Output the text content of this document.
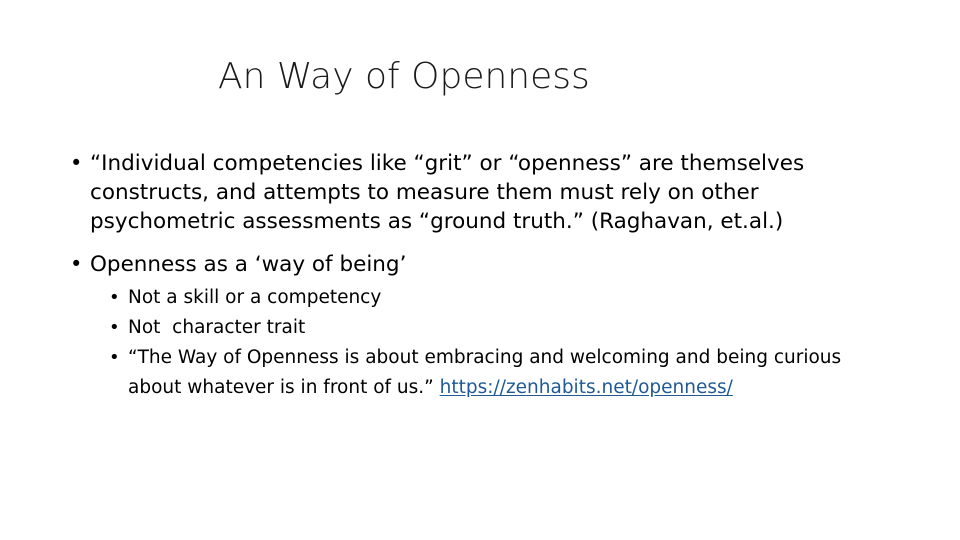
An Way of Openness
• “Individual competencies like “grit” or “openness” are themselves
constructs, and attempts to measure them must rely on other
psychometric assessments as “ground truth.” (Raghavan, et.al.)
• Openness as a ‘way of being’
• Not a skill or a competency
• Not  character trait
• “The Way of Openness is about embracing and welcoming and being curious
about whatever is in front of us.” https://zenhabits.net/openness/
